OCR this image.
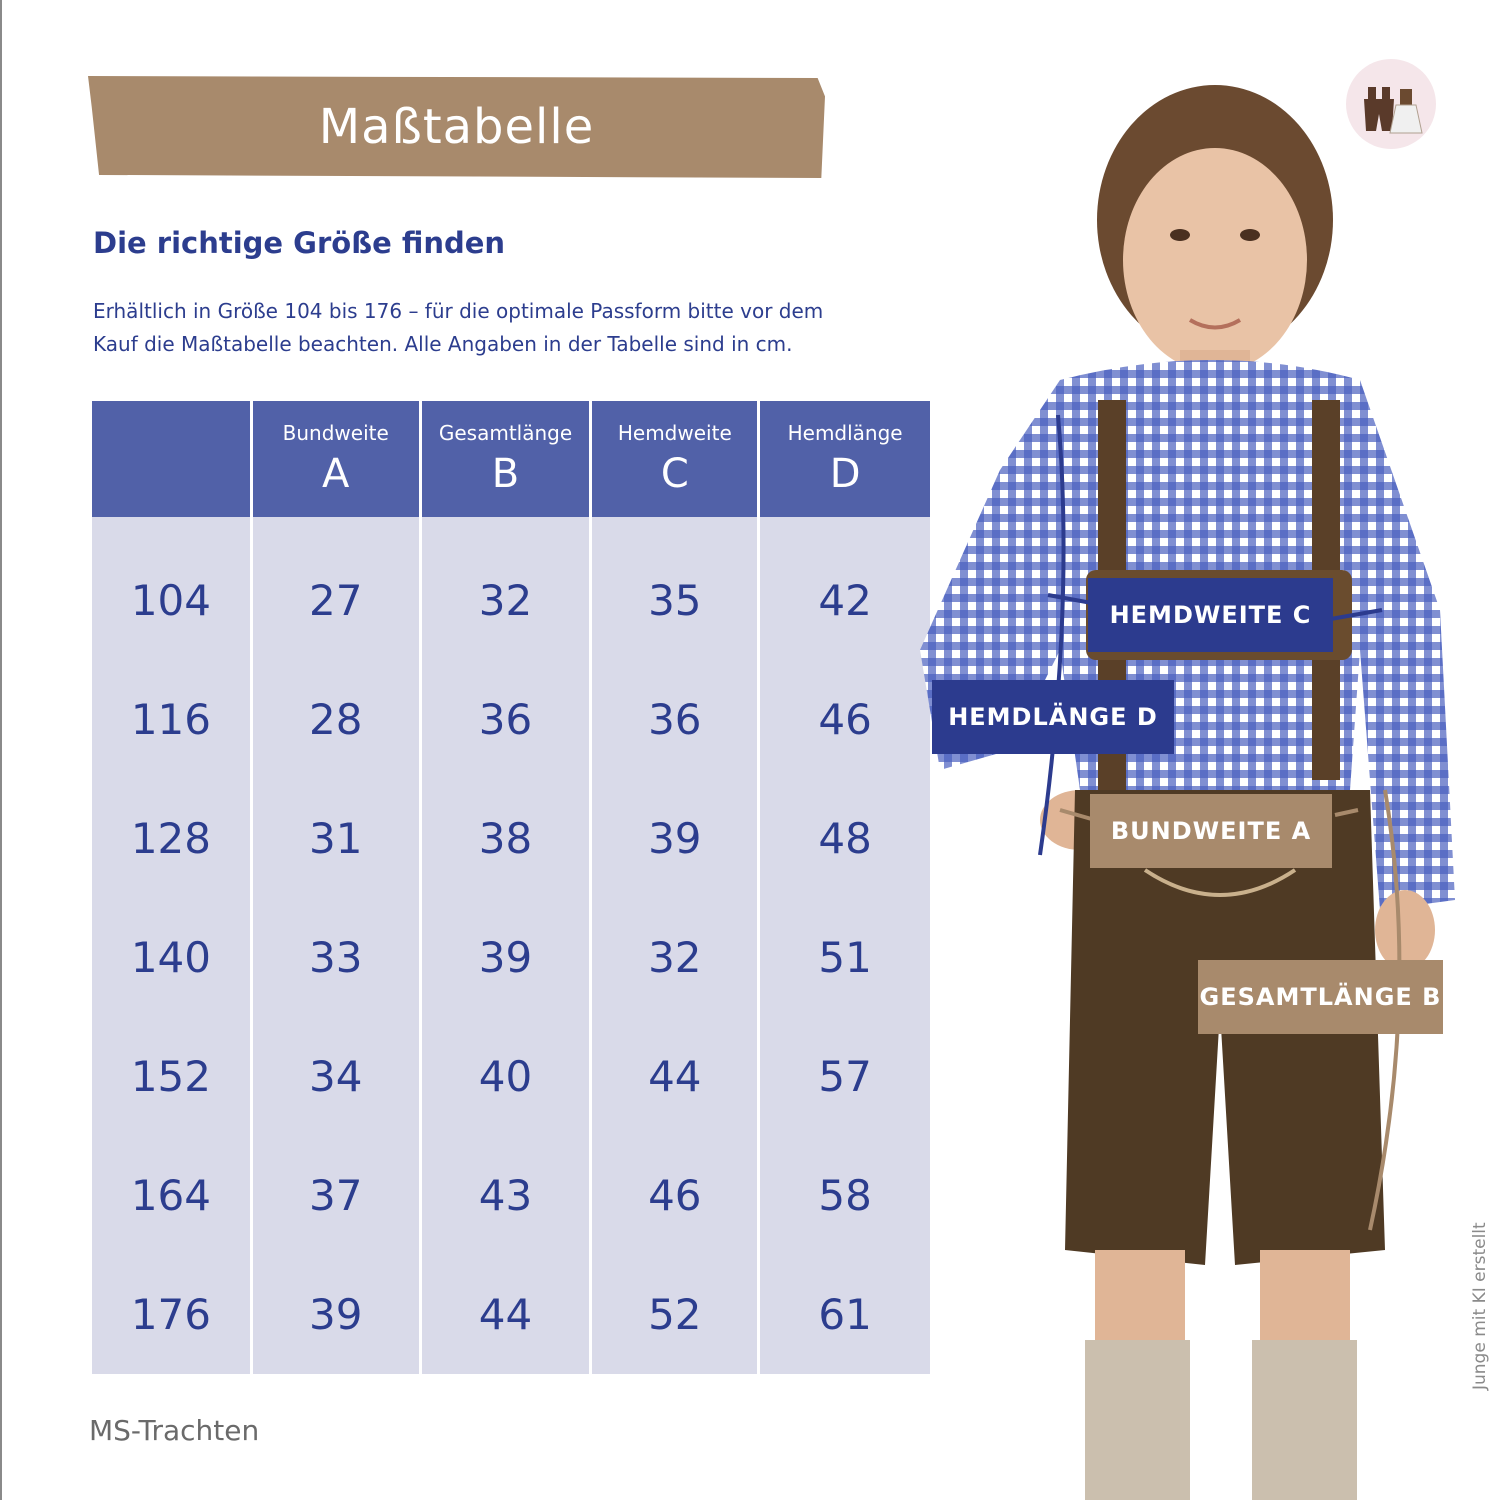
Maßtabelle
Die richtige Größe finden
Erhältlich in Größe 104 bis 176 – für die optimale Passform bitte vor dem
Kauf die Maßtabelle beachten. Alle Angaben in der Tabelle sind in cm.
Bundweite
A
Gesamtlänge
B
Hemdweite
C
Hemdlänge
D
104
116
128
140
152
164
176
27
28
31
33
34
37
39
32
36
38
39
40
43
44
35
36
39
32
44
46
52
42
46
48
51
57
58
61
MS-Trachten
HEMDWEITE C
HEMDLÄNGE D
BUNDWEITE A
GESAMTLÄNGE B
Junge mit KI erstellt
